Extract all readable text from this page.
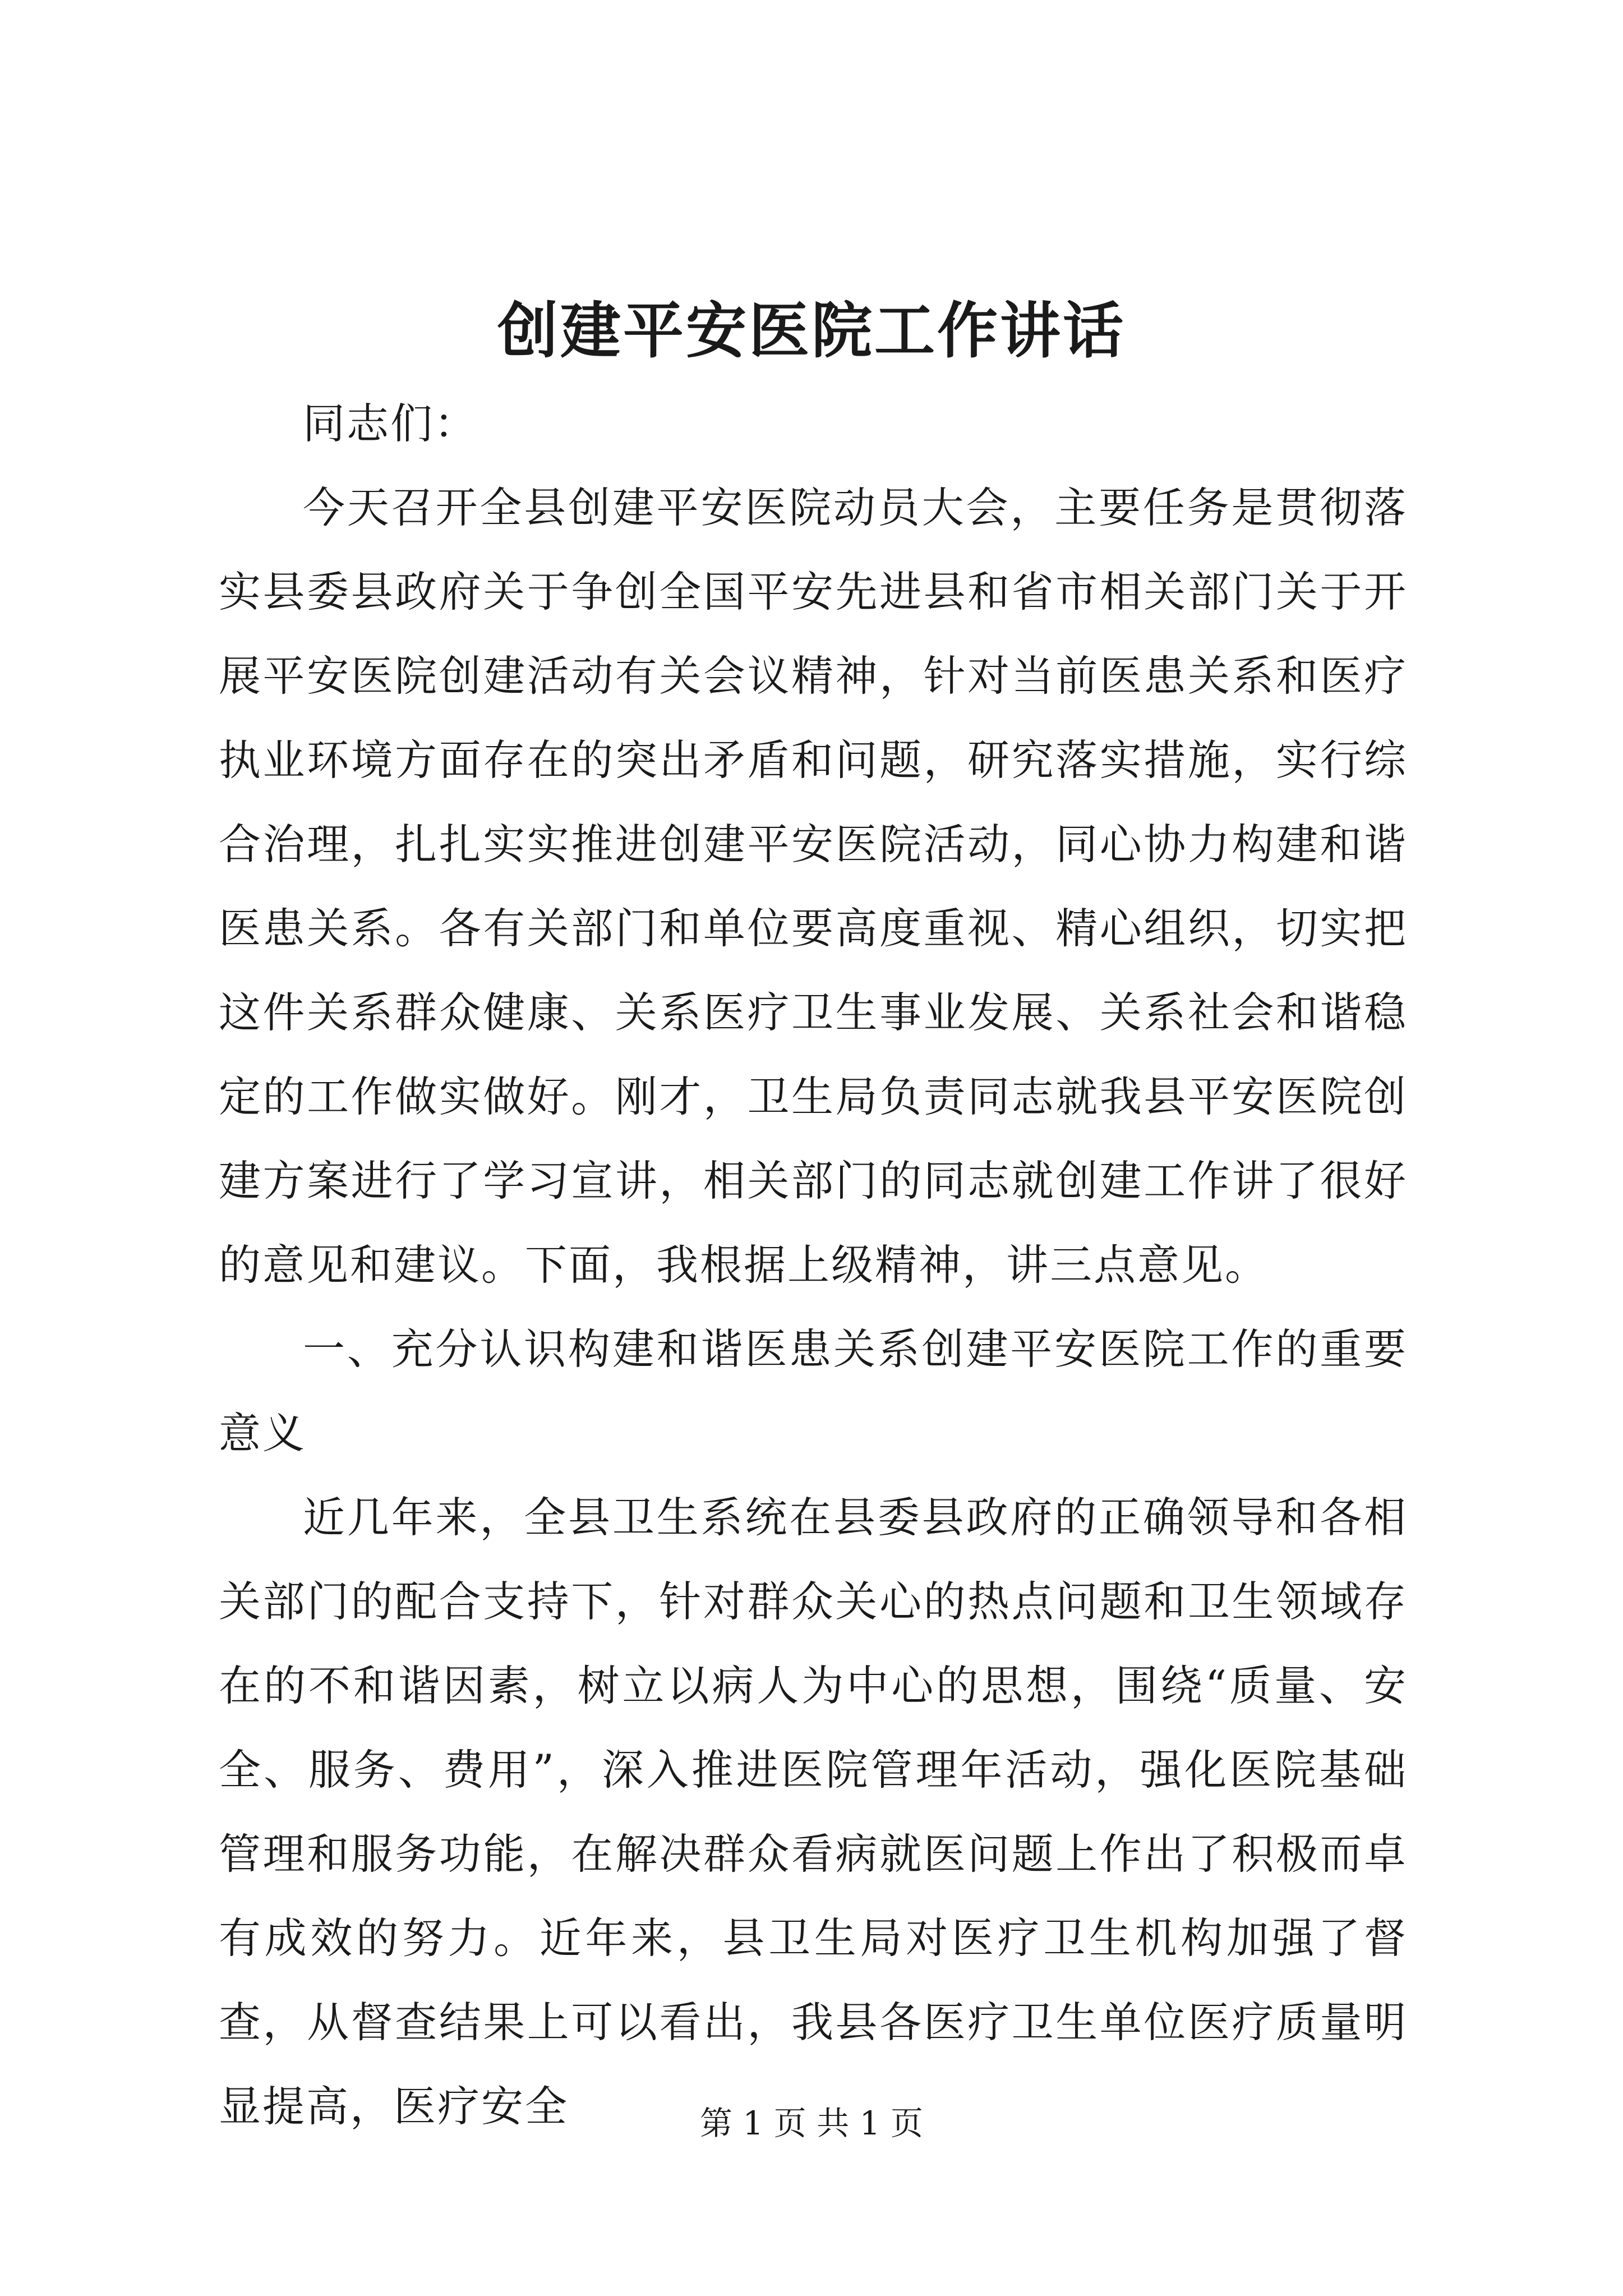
创建平安医院工作讲话

同志们：

今天召开全县创建平安医院动员大会，主要任务是贯彻落实县委县政府关于争创全国平安先进县和省市相关部门关于开展平安医院创建活动有关会议精神，针对当前医患关系和医疗执业环境方面存在的突出矛盾和问题，研究落实措施，实行综合治理，扎扎实实推进创建平安医院活动，同心协力构建和谐医患关系。各有关部门和单位要高度重视、精心组织，切实把这件关系群众健康、关系医疗卫生事业发展、关系社会和谐稳定的工作做实做好。刚才，卫生局负责同志就我县平安医院创建方案进行了学习宣讲，相关部门的同志就创建工作讲了很好的意见和建议。下面，我根据上级精神，讲三点意见。

一、充分认识构建和谐医患关系创建平安医院工作的重要意义

近几年来，全县卫生系统在县委县政府的正确领导和各相关部门的配合支持下，针对群众关心的热点问题和卫生领域存在的不和谐因素，树立以病人为中心的思想，围绕“质量、安全、服务、费用”，深入推进医院管理年活动，强化医院基础管理和服务功能，在解决群众看病就医问题上作出了积极而卓有成效的努力。近年来，县卫生局对医疗卫生机构加强了督查，从督查结果上可以看出，我县各医疗卫生单位医疗质量明显提高，医疗安全	第 1 页 共 1 页
